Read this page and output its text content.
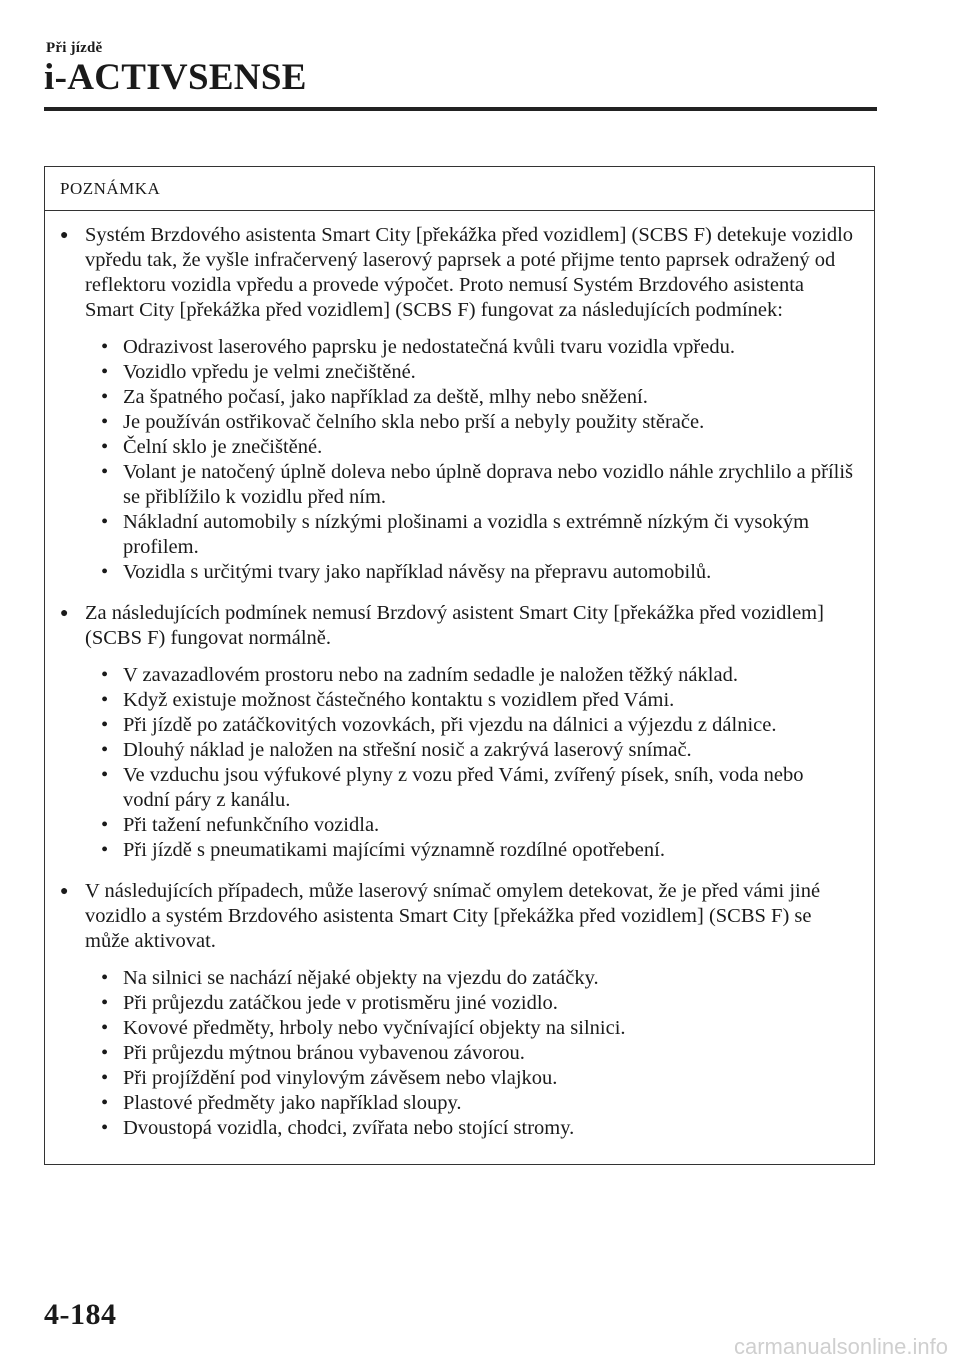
Při jízdě
i-ACTIVSENSE
POZNÁMKA
● Systém Brzdového asistenta Smart City [překážka před vozidlem] (SCBS F) detekuje vozidlo vpředu tak, že vyšle infračervený laserový paprsek a poté přijme tento paprsek odražený od reflektoru vozidla vpředu a provede výpočet. Proto nemusí Systém Brzdového asistenta Smart City [překážka před vozidlem] (SCBS F) fungovat za následujících podmínek:
• Odrazivost laserového paprsku je nedostatečná kvůli tvaru vozidla vpředu.
• Vozidlo vpředu je velmi znečištěné.
• Za špatného počasí, jako například za deště, mlhy nebo sněžení.
• Je používán ostřikovač čelního skla nebo prší a nebyly použity stěrače.
• Čelní sklo je znečištěné.
• Volant je natočený úplně doleva nebo úplně doprava nebo vozidlo náhle zrychlilo a příliš se přiblížilo k vozidlu před ním.
• Nákladní automobily s nízkými plošinami a vozidla s extrémně nízkým či vysokým profilem.
• Vozidla s určitými tvary jako například návěsy na přepravu automobilů.
● Za následujících podmínek nemusí Brzdový asistent Smart City [překážka před vozidlem] (SCBS F) fungovat normálně.
• V zavazadlovém prostoru nebo na zadním sedadle je naložen těžký náklad.
• Když existuje možnost částečného kontaktu s vozidlem před Vámi.
• Při jízdě po zatáčkovitých vozovkách, při vjezdu na dálnici a výjezdu z dálnice.
• Dlouhý náklad je naložen na střešní nosič a zakrývá laserový snímač.
• Ve vzduchu jsou výfukové plyny z vozu před Vámi, zvířený písek, sníh, voda nebo vodní páry z kanálu.
• Při tažení nefunkčního vozidla.
• Při jízdě s pneumatikami majícími významně rozdílné opotřebení.
● V následujících případech, může laserový snímač omylem detekovat, že je před vámi jiné vozidlo a systém Brzdového asistenta Smart City [překážka před vozidlem] (SCBS F) se může aktivovat.
• Na silnici se nachází nějaké objekty na vjezdu do zatáčky.
• Při průjezdu zatáčkou jede v protisměru jiné vozidlo.
• Kovové předměty, hrboly nebo vyčnívající objekty na silnici.
• Při průjezdu mýtnou bránou vybavenou závorou.
• Při projíždění pod vinylovým závěsem nebo vlajkou.
• Plastové předměty jako například sloupy.
• Dvoustopá vozidla, chodci, zvířata nebo stojící stromy.
4-184
carmanualsonline.info
